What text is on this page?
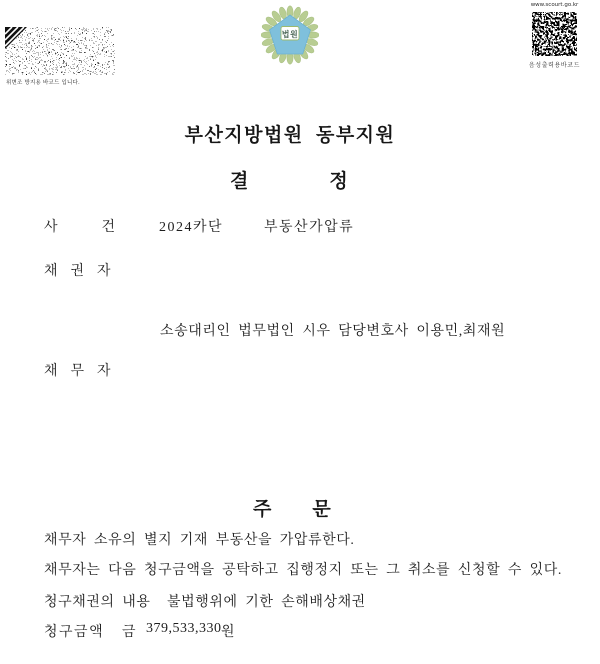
위변조 방지용 바코드 입니다.
법원
www.scourt.go.kr
음성출력용바코드
부산지방법원 동부지원
결정
사건 2024카단	부동산가압류
채권자
소송대리인 법무법인 시우 담당변호사 이용민,최재원
채무자
주문
채무자 소유의 별지 기재 부동산을 가압류한다.
채무자는 다음 청구금액을 공탁하고 집행정지 또는 그 취소를 신청할 수 있다.
청구채권의 내용 불법행위에 기한 손해배상채권
청구금액 금 379,533,330 원
